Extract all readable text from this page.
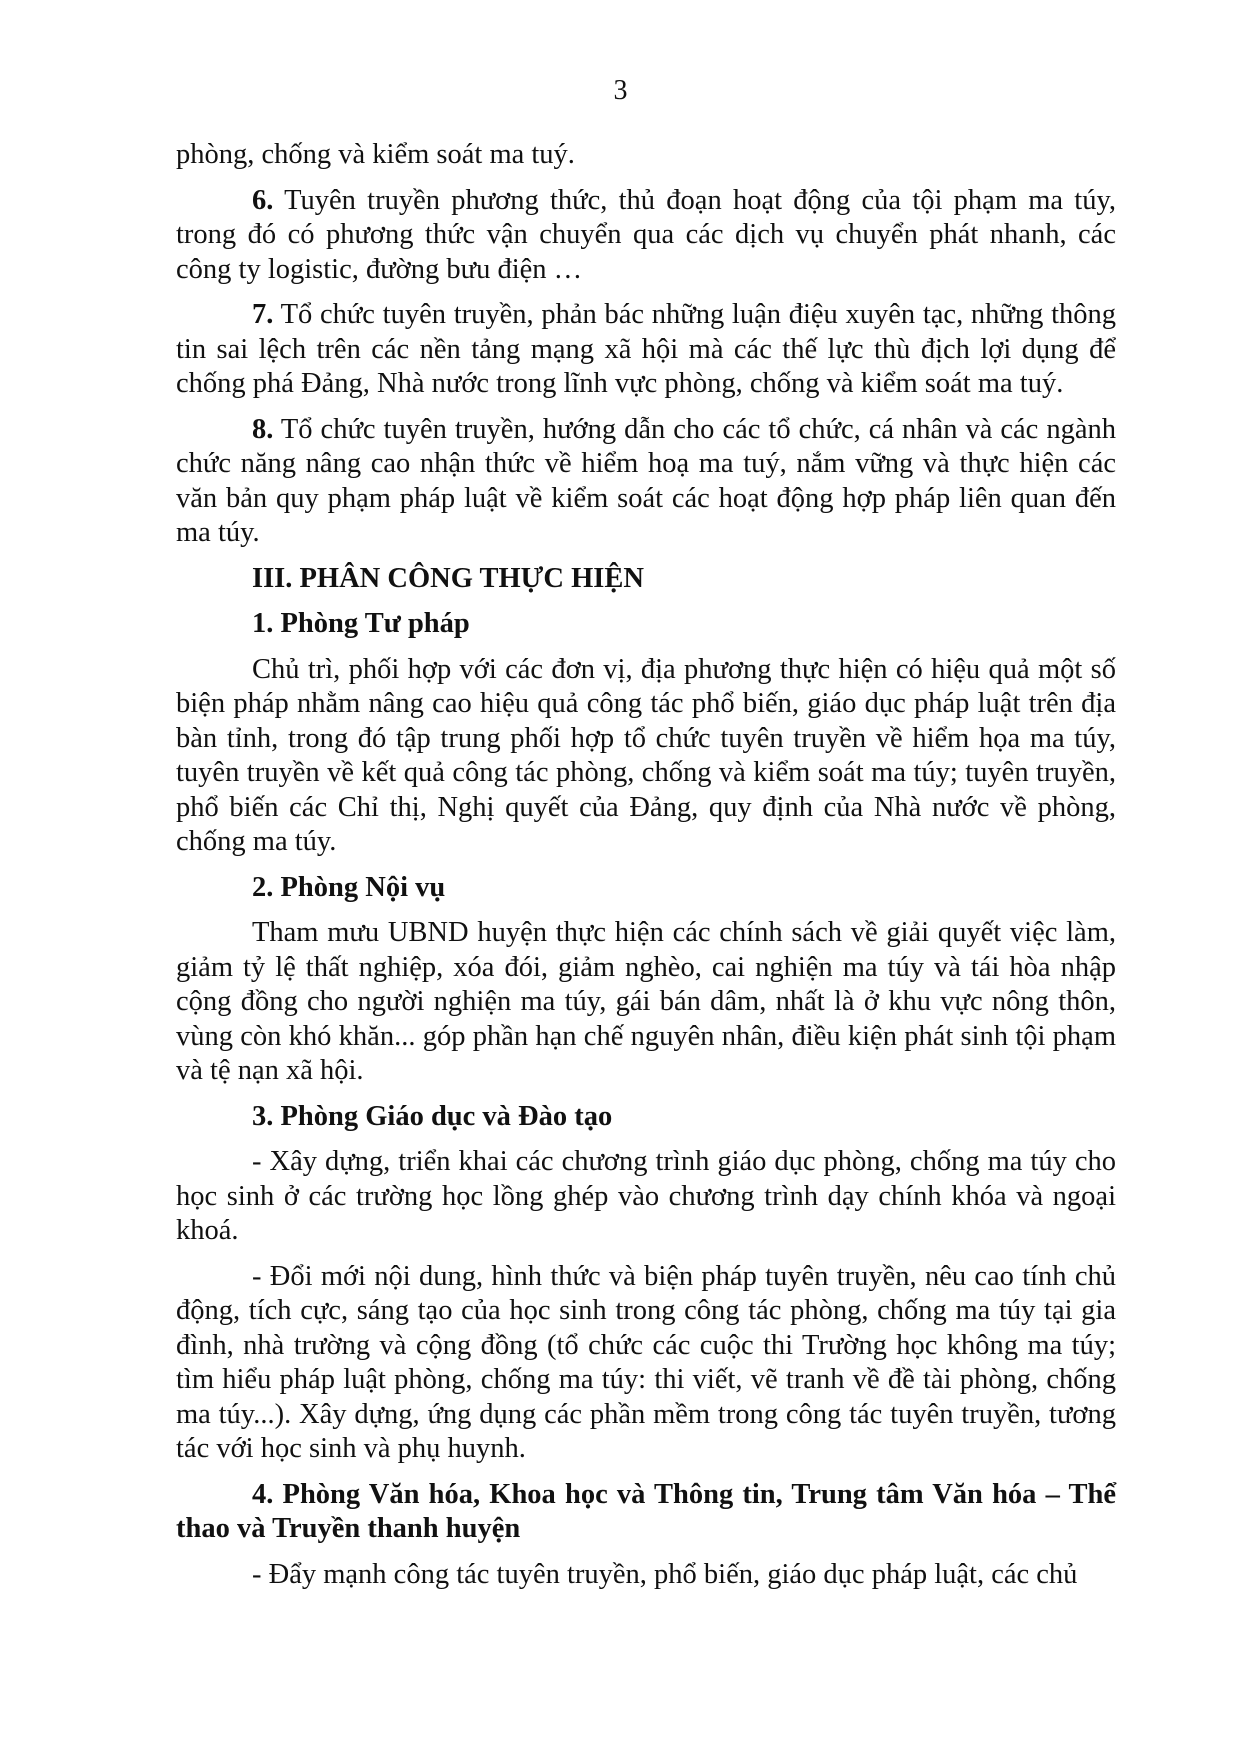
3

phòng, chống và kiểm soát ma tuý.

6. Tuyên truyền phương thức, thủ đoạn hoạt động của tội phạm ma túy, trong đó có phương thức vận chuyển qua các dịch vụ chuyển phát nhanh, các công ty logistic, đường bưu điện …

7. Tổ chức tuyên truyền, phản bác những luận điệu xuyên tạc, những thông tin sai lệch trên các nền tảng mạng xã hội mà các thế lực thù địch lợi dụng để chống phá Đảng, Nhà nước trong lĩnh vực phòng, chống và kiểm soát ma tuý.

8. Tổ chức tuyên truyền, hướng dẫn cho các tổ chức, cá nhân và các ngành chức năng nâng cao nhận thức về hiểm hoạ ma tuý, nắm vững và thực hiện các văn bản quy phạm pháp luật về kiểm soát các hoạt động hợp pháp liên quan đến ma túy.

III. PHÂN CÔNG THỰC HIỆN

1. Phòng Tư pháp

Chủ trì, phối hợp với các đơn vị, địa phương thực hiện có hiệu quả một số biện pháp nhằm nâng cao hiệu quả công tác phổ biến, giáo dục pháp luật trên địa bàn tỉnh, trong đó tập trung phối hợp tổ chức tuyên truyền về hiểm họa ma túy, tuyên truyền về kết quả công tác phòng, chống và kiểm soát ma túy; tuyên truyền, phổ biến các Chỉ thị, Nghị quyết của Đảng, quy định của Nhà nước về phòng, chống ma túy.

2. Phòng Nội vụ

Tham mưu UBND huyện thực hiện các chính sách về giải quyết việc làm, giảm tỷ lệ thất nghiệp, xóa đói, giảm nghèo, cai nghiện ma túy và tái hòa nhập cộng đồng cho người nghiện ma túy, gái bán dâm, nhất là ở khu vực nông thôn, vùng còn khó khăn... góp phần hạn chế nguyên nhân, điều kiện phát sinh tội phạm và tệ nạn xã hội.

3. Phòng Giáo dục và Đào tạo

- Xây dựng, triển khai các chương trình giáo dục phòng, chống ma túy cho học sinh ở các trường học lồng ghép vào chương trình dạy chính khóa và ngoại khoá.

- Đổi mới nội dung, hình thức và biện pháp tuyên truyền, nêu cao tính chủ động, tích cực, sáng tạo của học sinh trong công tác phòng, chống ma túy tại gia đình, nhà trường và cộng đồng (tổ chức các cuộc thi Trường học không ma túy; tìm hiểu pháp luật phòng, chống ma túy: thi viết, vẽ tranh về đề tài phòng, chống ma túy...). Xây dựng, ứng dụng các phần mềm trong công tác tuyên truyền, tương tác với học sinh và phụ huynh.

4. Phòng Văn hóa, Khoa học và Thông tin, Trung tâm Văn hóa – Thể thao và Truyền thanh huyện

- Đẩy mạnh công tác tuyên truyền, phổ biến, giáo dục pháp luật, các chủ
